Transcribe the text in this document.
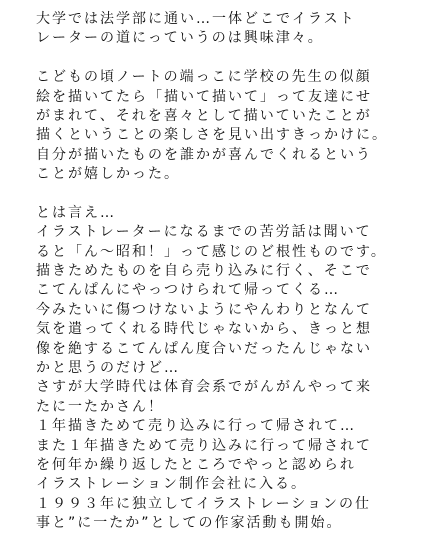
大学では法学部に通い…一体どこでイラスト
レーターの道にっていうのは興味津々。
こどもの頃ノートの端っこに学校の先生の似顔
絵を描いてたら「描いて描いて」って友達にせ
がまれて、それを喜々として描いていたことが
描くということの楽しさを見い出すきっかけに。
自分が描いたものを誰かが喜んでくれるという
ことが嬉しかった。
とは言え…
イラストレーターになるまでの苦労話は聞いて
ると「ん～昭和！」って感じのど根性ものです。
描きためたものを自ら売り込みに行く、そこで
こてんぱんにやっつけられて帰ってくる…
今みたいに傷つけないようにやんわりとなんて
気を遣ってくれる時代じゃないから、きっと想
像を絶するこてんぱん度合いだったんじゃない
かと思うのだけど…
さすが大学時代は体育会系でがんがんやって来
たに一たかさん！
１年描きためて売り込みに行って帰されて…
また１年描きためて売り込みに行って帰されて
を何年か繰り返したところでやっと認められ
イラストレーション制作会社に入る。
１９９３年に独立してイラストレーションの仕
事と”に一たか”としての作家活動も開始。
